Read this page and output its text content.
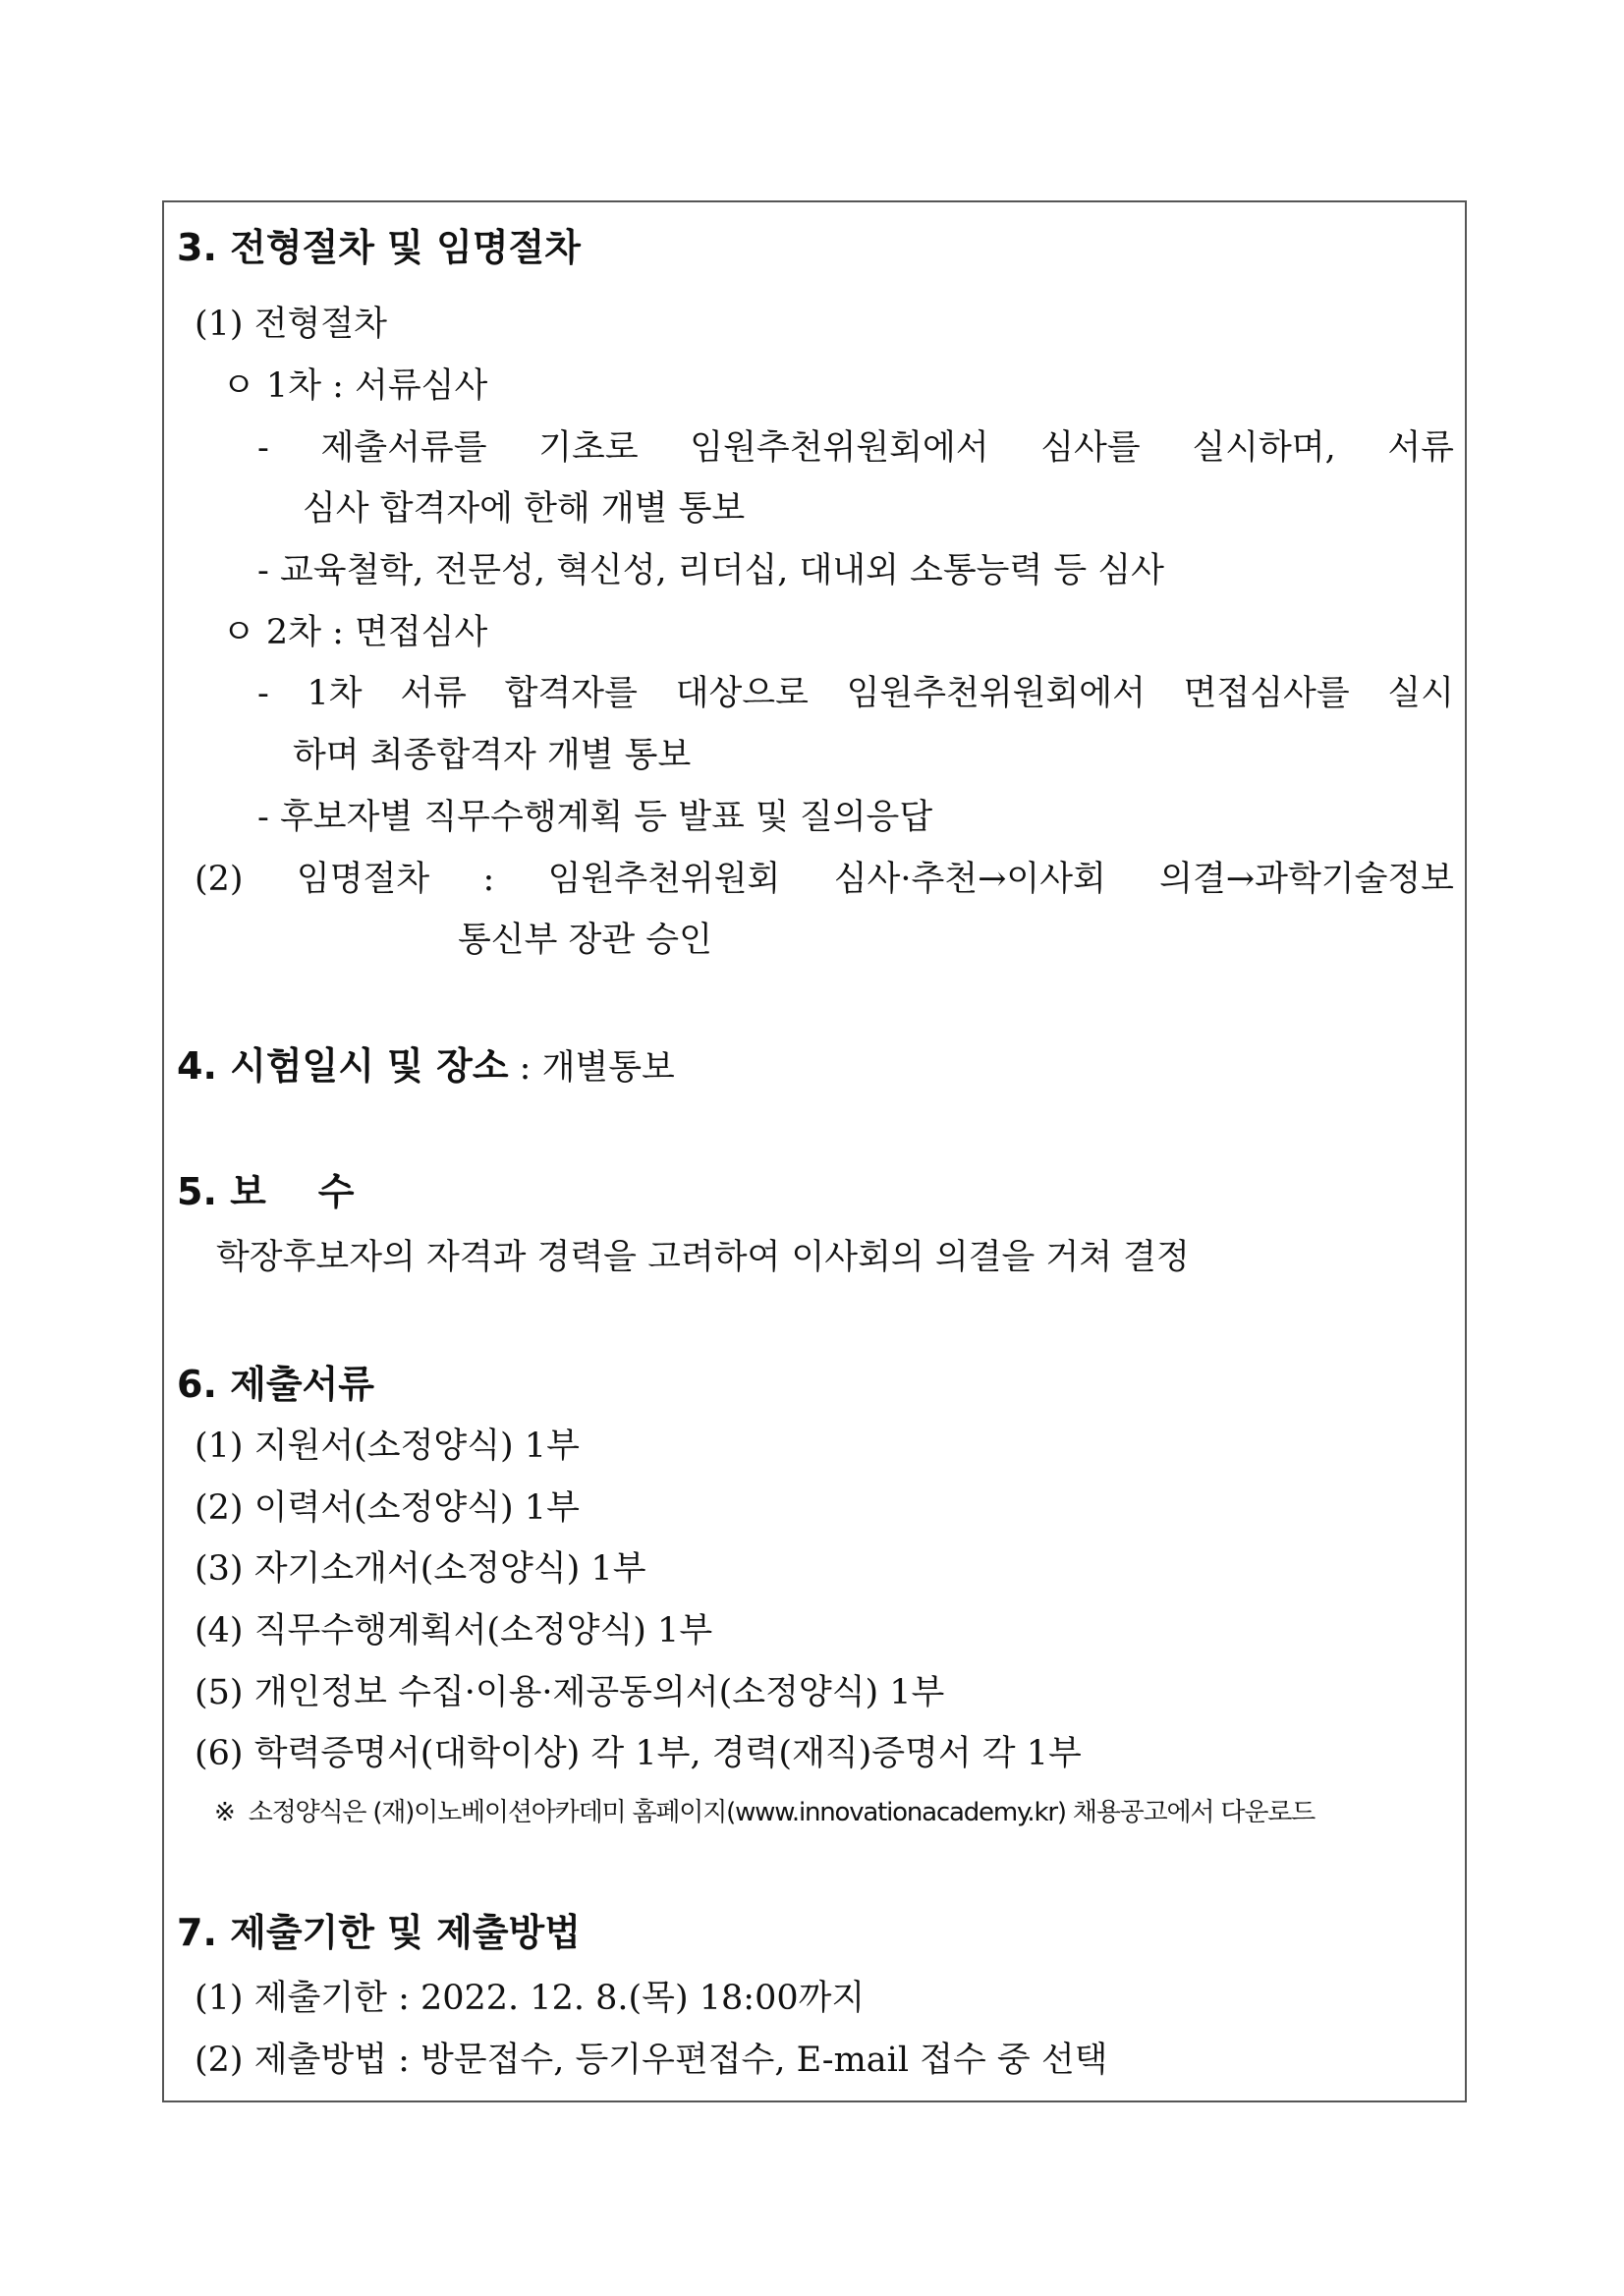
3. 전형절차 및 임명절차
(1) 전형절차
ㅇ 1차 : 서류심사
- 제출서류를 기초로 임원추천위원회에서 심사를 실시하며, 서류
심사 합격자에 한해 개별 통보
- 교육철학, 전문성, 혁신성, 리더십, 대내외 소통능력 등 심사
ㅇ 2차 : 면접심사
- 1차 서류 합격자를 대상으로 임원추천위원회에서 면접심사를 실시
하며 최종합격자 개별 통보
- 후보자별 직무수행계획 등 발표 및 질의응답
(2) 임명절차 : 임원추천위원회 심사·추천→이사회 의결→과학기술정보
통신부 장관 승인
4. 시험일시 및 장소 : 개별통보
5. 보    수
학장후보자의 자격과 경력을 고려하여 이사회의 의결을 거쳐 결정
6. 제출서류
(1) 지원서(소정양식) 1부
(2) 이력서(소정양식) 1부
(3) 자기소개서(소정양식) 1부
(4) 직무수행계획서(소정양식) 1부
(5) 개인정보 수집·이용·제공동의서(소정양식) 1부
(6) 학력증명서(대학이상) 각 1부, 경력(재직)증명서 각 1부
※  소정양식은 (재)이노베이션아카데미 홈페이지(www.innovationacademy.kr) 채용공고에서 다운로드
7. 제출기한 및 제출방법
(1) 제출기한 : 2022. 12. 8.(목) 18:00까지
(2) 제출방법 : 방문접수, 등기우편접수, E-mail 접수 중 선택
